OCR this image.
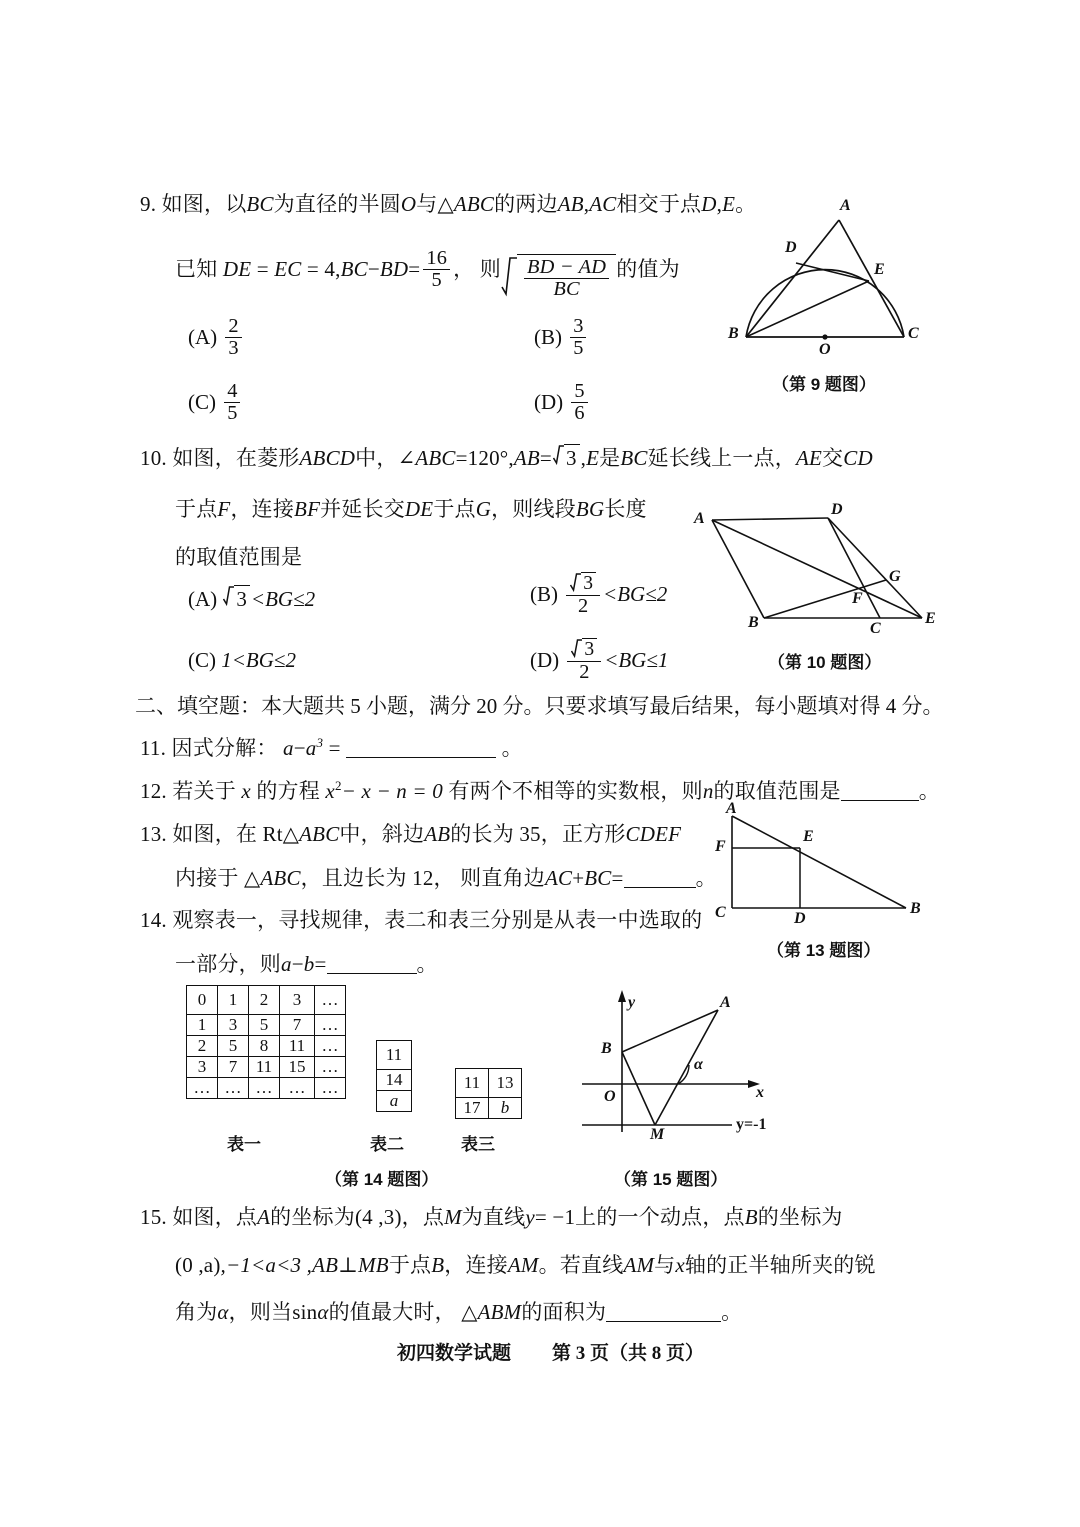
9. 如图，以BC为直径的半圆O与△ABC的两边AB,AC相交于点D,E。
已知 DE = EC = $4,BC-BD= \frac{16}{5}$ ， 则 $\frac{BD - AD}{BC}$ 的值为
$(A) \frac{2}{3}$	$(B) \frac{3}{5}$
$(C) \frac{4}{5}$	$(D) \frac{5}{6}$
A
B	C
D
E
O
（第 9 题图）
10. 如图，在菱形ABCD中，∠ABC=120°,AB= 3 ,E是BC延长线上一点，AE交CD
于点F，连接BF并延长交DE于点G，则线段BG长度
的取值范围是
(A) 3 <BG≤2	$(B) \frac{3}{2} <BG\le 2$
(C) 1<BG≤2	$(D) \frac{3}{2} <BG\le 1$
A
B	C
D
E
F
G
（第 10 题图）
二、填空题：本大题共 5 小题，满分 20 分。只要求填写最后结果，每小题填对得 4 分。
11. 因式分解： $a-a^3$ =	。
12. 若关于 x 的方程 $x^2- x - n = 0$ 有两个不相等的实数根，则n的取值范围是	。
13. 如图，在 Rt△ABC中，斜边AB的长为 35，正方形CDEF
内接于 △ABC，且边长为 12， 则直角边AC+BC=	。
A
B
C	D
E
F
（第 13 题图）
14. 观察表一，寻找规律，表二和表三分别是从表一中选取的
一部分，则a−b=	。
0	1	2	3	…
1	3	5	7	…
2	5	8	11	…
3	7	11	15	…
…	…	…	…	…
表一
11
14
a
表二
11	13
17	b
表三
（第 14 题图）
y
x
O
A
B
M
α
y=-1
（第 15 题图）
15. 如图，点A的坐标为(4 ,3)，点M为直线y= −1上的一个动点，点B的坐标为
(0 ,a),−1<a<3 ,AB⊥MB于点B，连接AM。若直线AM与x轴的正半轴所夹的锐
角为α，则当sinα的值最大时， △ABM的面积为	。
初四数学试题 第 3 页（共 8 页）
